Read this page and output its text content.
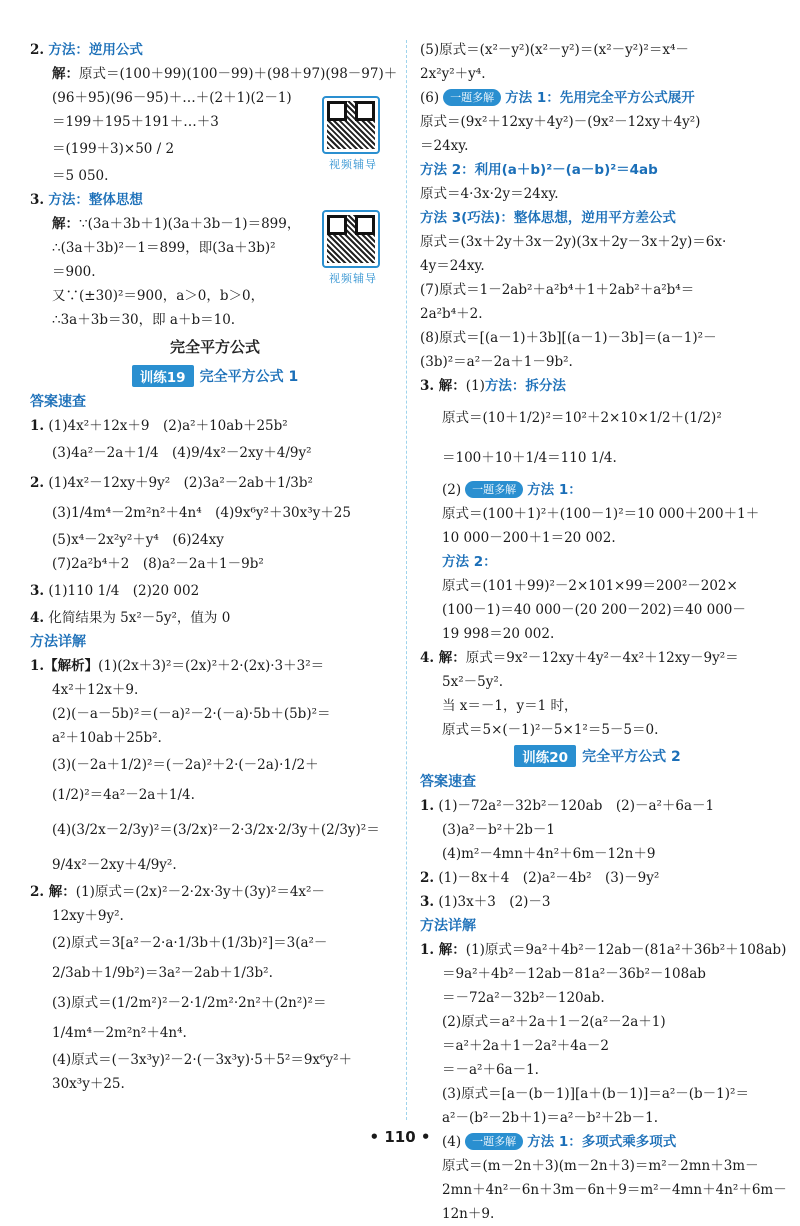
2. 方法：逆用公式
解：原式＝(100＋99)(100－99)＋(98＋97)(98－97)＋
(96＋95)(96－95)＋…＋(2＋1)(2－1)
＝199＋195＋191＋…＋3
＝(199＋3)×50 / 2
＝5 050.
3. 方法：整体思想
解：∵(3a＋3b＋1)(3a＋3b－1)＝899，
∴(3a＋3b)²－1＝899，即(3a＋3b)²
＝900.
又∵(±30)²＝900，a＞0，b＞0，
∴3a＋3b＝30，即 a＋b＝10.
完全平方公式
训练19	完全平方公式 1
答案速查
1. (1)4x²＋12x＋9　(2)a²＋10ab＋25b²
(3)4a²－2a＋1/4　(4)9/4x²－2xy＋4/9y²
2. (1)4x²－12xy＋9y²　(2)3a²－2ab＋1/3b²
(3)1/4m⁴－2m²n²＋4n⁴　(4)9x⁶y²＋30x³y＋25
(5)x⁴－2x²y²＋y⁴　(6)24xy
(7)2a²b⁴＋2　(8)a²－2a＋1－9b²
3. (1)110 1/4　(2)20 002
4. 化简结果为 5x²－5y²，值为 0
方法详解
1.【解析】(1)(2x＋3)²＝(2x)²＋2·(2x)·3＋3²＝
4x²＋12x＋9.
(2)(－a－5b)²＝(－a)²－2·(－a)·5b＋(5b)²＝
a²＋10ab＋25b².
(3)(－2a＋1/2)²＝(－2a)²＋2·(－2a)·1/2＋
(1/2)²＝4a²－2a＋1/4.
(4)(3/2x－2/3y)²＝(3/2x)²－2·3/2x·2/3y＋(2/3y)²＝
9/4x²－2xy＋4/9y².
2. 解：(1)原式＝(2x)²－2·2x·3y＋(3y)²＝4x²－
12xy＋9y².
(2)原式＝3[a²－2·a·1/3b＋(1/3b)²]＝3(a²－
2/3ab＋1/9b²)＝3a²－2ab＋1/3b².
(3)原式＝(1/2m²)²－2·1/2m²·2n²＋(2n²)²＝
1/4m⁴－2m²n²＋4n⁴.
(4)原式＝(－3x³y)²－2·(－3x³y)·5＋5²＝9x⁶y²＋
30x³y＋25.
(5)原式＝(x²－y²)(x²－y²)＝(x²－y²)²＝x⁴－
2x²y²＋y⁴.
(6) 一题多解 方法 1：先用完全平方公式展开
原式＝(9x²＋12xy＋4y²)－(9x²－12xy＋4y²)
＝24xy.
方法 2：利用(a＋b)²－(a－b)²＝4ab
原式＝4·3x·2y＝24xy.
方法 3(巧法)：整体思想，逆用平方差公式
原式＝(3x＋2y＋3x－2y)(3x＋2y－3x＋2y)＝6x·
4y＝24xy.
(7)原式＝1－2ab²＋a²b⁴＋1＋2ab²＋a²b⁴＝
2a²b⁴＋2.
(8)原式＝[(a－1)＋3b][(a－1)－3b]＝(a－1)²－
(3b)²＝a²－2a＋1－9b².
3. 解：(1)方法：拆分法
原式＝(10＋1/2)²＝10²＋2×10×1/2＋(1/2)²
＝100＋10＋1/4＝110 1/4.
(2) 一题多解 方法 1：
原式＝(100＋1)²＋(100－1)²＝10 000＋200＋1＋
10 000－200＋1＝20 002.
方法 2：
原式＝(101＋99)²－2×101×99＝200²－202×
(100－1)＝40 000－(20 200－202)＝40 000－
19 998＝20 002.
4. 解：原式＝9x²－12xy＋4y²－4x²＋12xy－9y²＝
5x²－5y².
当 x＝－1，y＝1 时，
原式＝5×(－1)²－5×1²＝5－5＝0.
训练20	完全平方公式 2
答案速查
1. (1)－72a²－32b²－120ab　(2)－a²＋6a－1
(3)a²－b²＋2b－1
(4)m²－4mn＋4n²＋6m－12n＋9
2. (1)－8x＋4　(2)a²－4b²　(3)－9y²
3. (1)3x＋3　(2)－3
方法详解
1. 解：(1)原式＝9a²＋4b²－12ab－(81a²＋36b²＋108ab)
＝9a²＋4b²－12ab－81a²－36b²－108ab
＝－72a²－32b²－120ab.
(2)原式＝a²＋2a＋1－2(a²－2a＋1)
＝a²＋2a＋1－2a²＋4a－2
＝－a²＋6a－1.
(3)原式＝[a－(b－1)][a＋(b－1)]＝a²－(b－1)²＝
a²－(b²－2b＋1)＝a²－b²＋2b－1.
(4) 一题多解 方法 1：多项式乘多项式
原式＝(m－2n＋3)(m－2n＋3)＝m²－2mn＋3m－
2mn＋4n²－6n＋3m－6n＋9＝m²－4mn＋4n²＋6m－
12n＋9.
视频辅导
视频辅导
• 110 •
